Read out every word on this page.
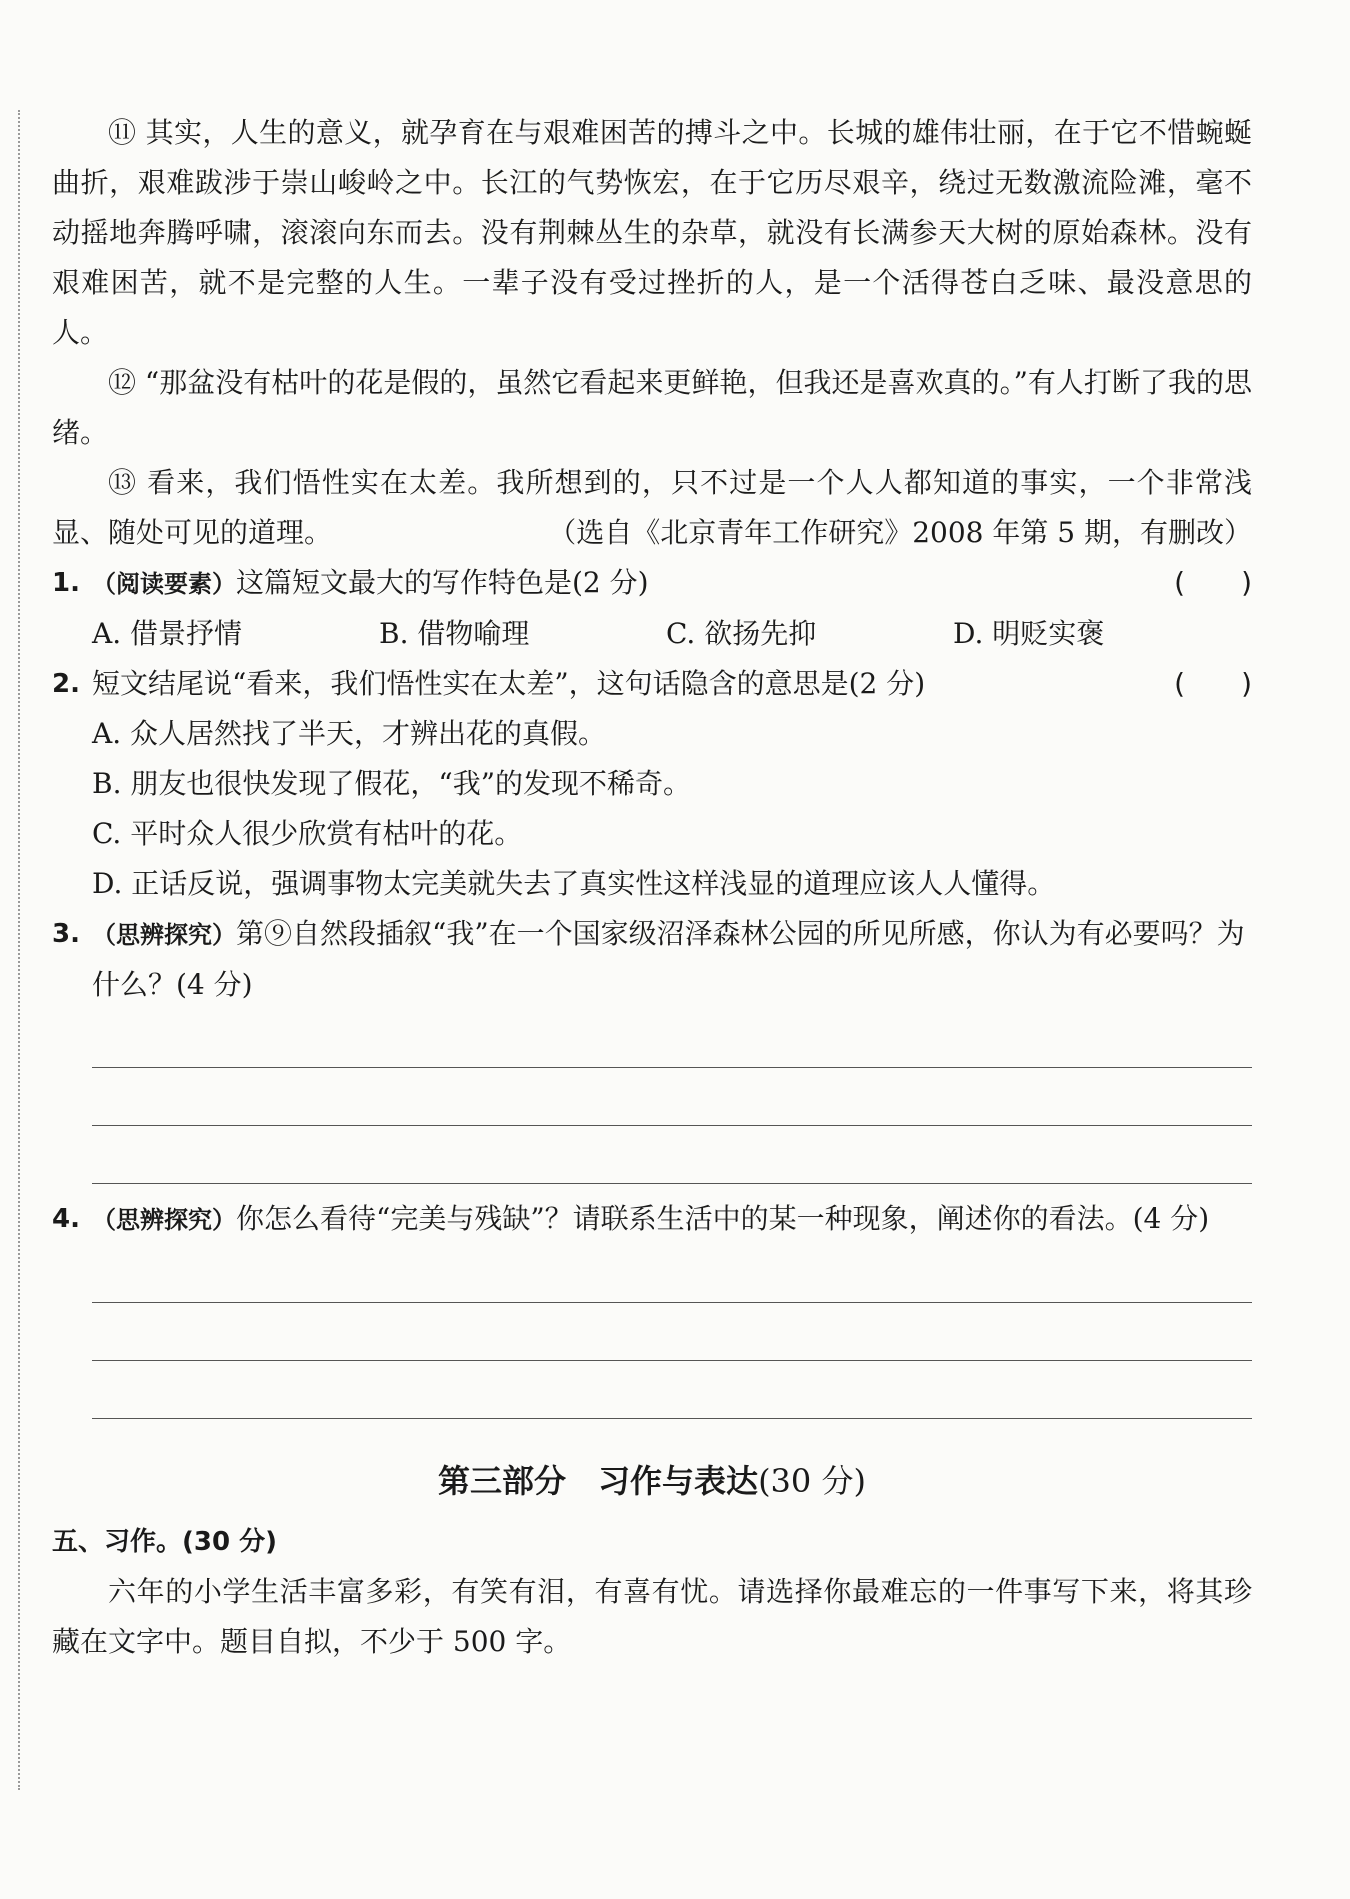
⑪ 其实，人生的意义，就孕育在与艰难困苦的搏斗之中。长城的雄伟壮丽，在于它不惜蜿蜒曲折，艰难跋涉于崇山峻岭之中。长江的气势恢宏，在于它历尽艰辛，绕过无数激流险滩，毫不动摇地奔腾呼啸，滚滚向东而去。没有荆棘丛生的杂草，就没有长满参天大树的原始森林。没有艰难困苦，就不是完整的人生。一辈子没有受过挫折的人，是一个活得苍白乏味、最没意思的人。

⑫ “那盆没有枯叶的花是假的，虽然它看起来更鲜艳，但我还是喜欢真的。”有人打断了我的思绪。

⑬ 看来，我们悟性实在太差。我所想到的，只不过是一个人人都知道的事实，一个非常浅显、随处可见的道理。	（选自《北京青年工作研究》2008 年第 5 期，有删改）

1. （阅读要素）这篇短文最大的写作特色是(2 分)	(　　)
A. 借景抒情	B. 借物喻理	C. 欲扬先抑	D. 明贬实褒
2. 短文结尾说“看来，我们悟性实在太差”，这句话隐含的意思是(2 分)	(　　)

A. 众人居然找了半天，才辨出花的真假。

B. 朋友也很快发现了假花，“我”的发现不稀奇。

C. 平时众人很少欣赏有枯叶的花。

D. 正话反说，强调事物太完美就失去了真实性这样浅显的道理应该人人懂得。

3. （思辨探究）第⑨自然段插叙“我”在一个国家级沼泽森林公园的所见所感，你认为有必要吗？为什么？(4 分)
4. （思辨探究）你怎么看待“完美与残缺”？请联系生活中的某一种现象，阐述你的看法。(4 分)
第三部分　习作与表达(30 分)

五、习作。(30 分)

六年的小学生活丰富多彩，有笑有泪，有喜有忧。请选择你最难忘的一件事写下来，将其珍藏在文字中。题目自拟，不少于 500 字。
